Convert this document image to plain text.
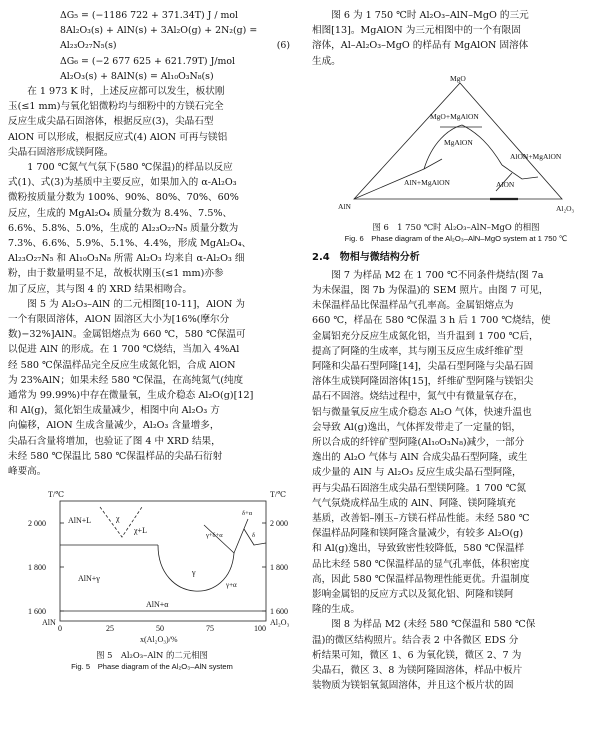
ΔG₅ = (−1186 722 + 371.34T) J / mol
8Al₂O₃(s) + AlN(s) + 3Al₂O(g) + 2N₂(g) =
Al₂₃O₂₇N₅(s)	(6)
ΔG₆ = (−2 677 625 + 621.79T) J/mol
Al₂O₃(s) + 8AlN(s) = Al₁₀O₃N₈(s)

在 1 973 K 时，上述反应都可以发生，板状刚

玉(≤1 mm)与氧化铝微粉均与细粉中的方镁石完全

反应生成尖晶石固溶体，根据反应(3)，尖晶石型

AlON 可以形成，根据反应式(4) AlON 可再与镁铝

尖晶石固溶形成镁阿隆。

1 700 ℃氮气气氛下(580 ℃保温)的样品以反应

式(1)、式(3)为基质中主要反应，如果加入的 α-Al₂O₃

微粉按质量分数为 100%、90%、80%、70%、60%

反应，生成的 MgAl₂O₄ 质量分数为 8.4%、7.5%、

6.6%、5.8%、5.0%，生成的 Al₂₃O₂₇N₅ 质量分数为

7.3%、6.6%、5.9%、5.1%、4.4%，形成 MgAl₂O₄、

Al₂₃O₂₇N₅ 和 Al₁₀O₃N₈ 所需 Al₂O₃ 均来自 α-Al₂O₃ 细

粉，由于数量明显不足，故板状刚玉(≤1 mm)亦参

加了反应，其与图 4 的 XRD 结果相吻合。

图 5 为 Al₂O₃–AlN 的二元相图[10-11]，AlON 为

一个有限固溶体，AlON 固溶区大小为[16%(摩尔分

数)−32%]AlN。金属铝熔点为 660 ℃，580 ℃保温可

以促进 AlN 的形成。在 1 700 ℃烧结，当加入 4%Al

经 580 ℃保温样品完全反应生成氮化铝，合成 AlON

为 23%AlN；如果未经 580 ℃保温，在高纯氮气(纯度

通常为 99.99%)中存在微量氧，生成介稳态 Al₂O(g)[12]

和 Al(g)，氮化铝生成量减少，相图中向 Al₂O₃ 方

向偏移，AlON 生成含量减少，Al₂O₃ 含量增多，

尖晶石含量将增加，也验证了图 4 中 XRD 结果，

未经 580 ℃保温比 580 ℃保温样品的尖晶石衍射

峰要高。

T/℃	T/℃
2 000
1 800
1 600
2 000
1 800
1 600
AlN	Al₂O₃
0	25	50	75	100
x(Al₂O₃)/%
AlN+L	χ
χ+L
AlN+γ
γ
AlN+α
γ+δ+α
δ+α
γ+α
δ
图 5　Al₂O₃–AlN 的二元相图
Fig. 5　Phase diagram of the Al₂O₃–AlN system

图 6 为 1 750 ℃时 Al₂O₃–AlN–MgO 的三元

相图[13]。MgAlON 为三元相图中的一个有限固

溶体，Al–Al₂O₃–MgO 的样品有 MgAlON 固溶体

生成。

MgO
AlN	Al₂O₃
MgO+MgAlON
MgAlON
AlON+MgAlON
AlN+MgAlON	AlON
图 6　1 750 ℃时 Al₂O₃–AlN–MgO 的相图
Fig. 6　Phase diagram of the Al₂O₃–AlN–MgO system at 1 750 ℃
2.4　物相与微结构分析

图 7 为样品 M2 在 1 700 ℃不同条件烧结(图 7a

为未保温，图 7b 为保温)的 SEM 照片。由图 7 可见，

未保温样品比保温样品气孔率高。金属铝熔点为

660 ℃，样品在 580 ℃保温 3 h 后 1 700 ℃烧结，使

金属铝充分反应生成氮化铝，当升温到 1 700 ℃后，

提高了阿隆的生成率，其与刚玉反应生成纤维矿型

阿隆和尖晶石型阿隆[14]，尖晶石型阿隆与尖晶石固

溶体生成镁阿隆固溶体[15]，纤维矿型阿隆与镁铝尖

晶石不固溶。烧结过程中，氮气中有微量氧存在，

铝与微量氧反应生成介稳态 Al₂O 气体，快速升温也

会导致 Al(g)逸出，气体挥发带走了一定量的铝，

所以合成的纤锌矿型阿隆(Al₁₀O₃N₈)减少，一部分

逸出的 Al₂O 气体与 AlN 合成尖晶石型阿隆，或生

成少量的 AlN 与 Al₂O₃ 反应生成尖晶石型阿隆，

再与尖晶石固溶生成尖晶石型镁阿隆。1 700 ℃氮

气气氛烧成样品生成的 AlN、阿隆、镁阿隆填充

基质，改善铝–刚玉–方镁石样品性能。未经 580 ℃

保温样品阿隆和镁阿隆含量减少，有较多 Al₂O(g)

和 Al(g)逸出，导致致密性较降低，580 ℃保温样

品比未经 580 ℃保温样品的显气孔率低，体积密度

高，因此 580 ℃保温样品物理性能更优。升温制度

影响金属铝的反应方式以及氮化铝、阿隆和镁阿

隆的生成。

图 8 为样品 M2 (未经 580 ℃保温和 580 ℃保

温)的微区结构照片。结合表 2 中各微区 EDS 分

析结果可知，微区 1、6 为氧化镁，微区 2、7 为

尖晶石，微区 3、8 为镁阿隆固溶体，样品中板片

装物质为镁铝氧氮固溶体，并且这个板片状的固
